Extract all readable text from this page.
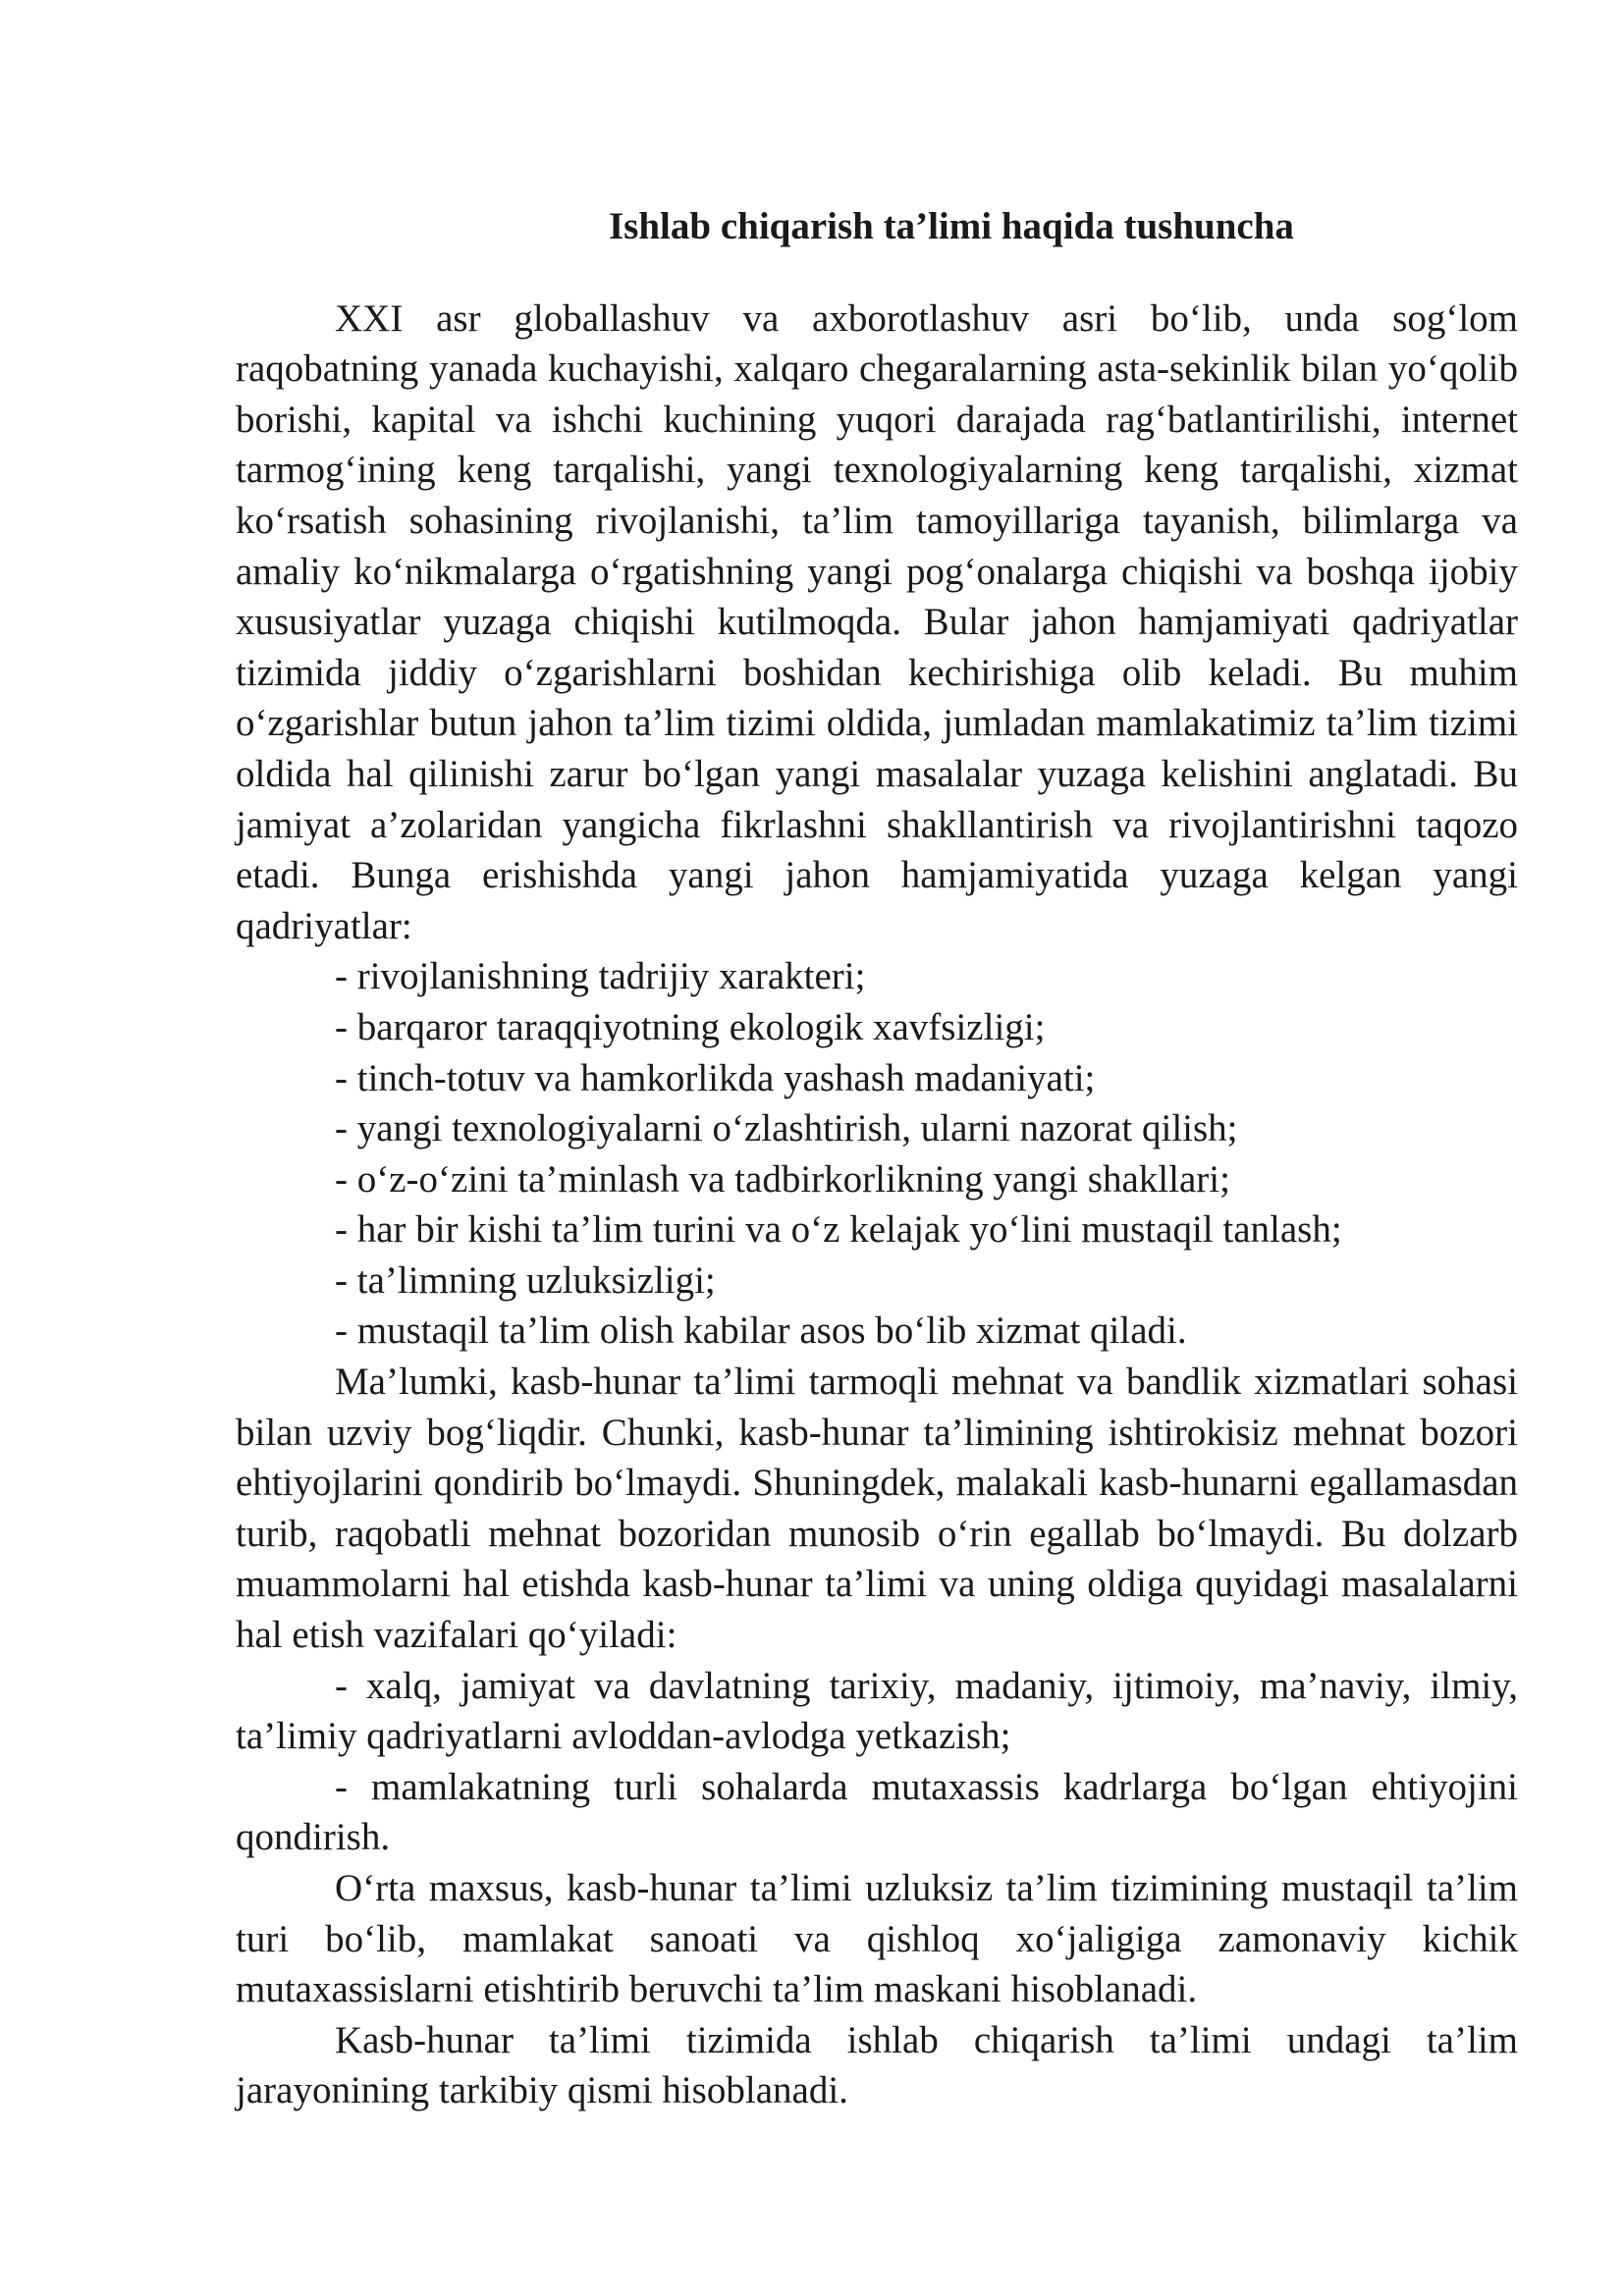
Ishlab chiqarish ta’limi haqida tushuncha

XXI asr globallashuv va axborotlashuv asri bo‘lib, unda sog‘lom raqobatning yanada kuchayishi, xalqaro chegaralarning asta-sekinlik bilan yo‘qolib borishi, kapital va ishchi kuchining yuqori darajada rag‘batlantirilishi, internet tarmog‘ining keng tarqalishi, yangi texnologiyalarning keng tarqalishi, xizmat ko‘rsatish sohasining rivojlanishi, ta’lim tamoyillariga tayanish, bilimlarga va amaliy ko‘nikmalarga o‘rgatishning yangi pog‘onalarga chiqishi va boshqa ijobiy xususiyatlar yuzaga chiqishi kutilmoqda. Bular jahon hamjamiyati qadriyatlar tizimida jiddiy o‘zgarishlarni boshidan kechirishiga olib keladi. Bu muhim o‘zgarishlar butun jahon ta’lim tizimi oldida, jumladan mamlakatimiz ta’lim tizimi oldida hal qilinishi zarur bo‘lgan yangi masalalar yuzaga kelishini anglatadi. Bu jamiyat a’zolaridan yangicha fikrlashni shakllantirish va rivojlantirishni taqozo etadi. Bunga erishishda yangi jahon hamjamiyatida yuzaga kelgan yangi qadriyatlar:

- rivojlanishning tadrijiy xarakteri;

- barqaror taraqqiyotning ekologik xavfsizligi;

- tinch-totuv va hamkorlikda yashash madaniyati;

- yangi texnologiyalarni o‘zlashtirish, ularni nazorat qilish;

- o‘z-o‘zini ta’minlash va tadbirkorlikning yangi shakllari;

- har bir kishi ta’lim turini va o‘z kelajak yo‘lini mustaqil tanlash;

- ta’limning uzluksizligi;

- mustaqil ta’lim olish kabilar asos bo‘lib xizmat qiladi.

Ma’lumki, kasb-hunar ta’limi tarmoqli mehnat va bandlik xizmatlari sohasi bilan uzviy bog‘liqdir. Chunki, kasb-hunar ta’limining ishtirokisiz mehnat bozori ehtiyojlarini qondirib bo‘lmaydi. Shuningdek, malakali kasb-hunarni egallamasdan turib, raqobatli mehnat bozoridan munosib o‘rin egallab bo‘lmaydi. Bu dolzarb muammolarni hal etishda kasb-hunar ta’limi va uning oldiga quyidagi masalalarni hal etish vazifalari qo‘yiladi:

- xalq, jamiyat va davlatning tarixiy, madaniy, ijtimoiy, ma’naviy, ilmiy, ta’limiy qadriyatlarni avloddan-avlodga yetkazish;

- mamlakatning turli sohalarda mutaxassis kadrlarga bo‘lgan ehtiyojini qondirish.

O‘rta maxsus, kasb-hunar ta’limi uzluksiz ta’lim tizimining mustaqil ta’lim turi bo‘lib, mamlakat sanoati va qishloq xo‘jaligiga zamonaviy kichik mutaxassislarni etishtirib beruvchi ta’lim maskani hisoblanadi.

Kasb-hunar ta’limi tizimida ishlab chiqarish ta’limi undagi ta’lim jarayonining tarkibiy qismi hisoblanadi.
